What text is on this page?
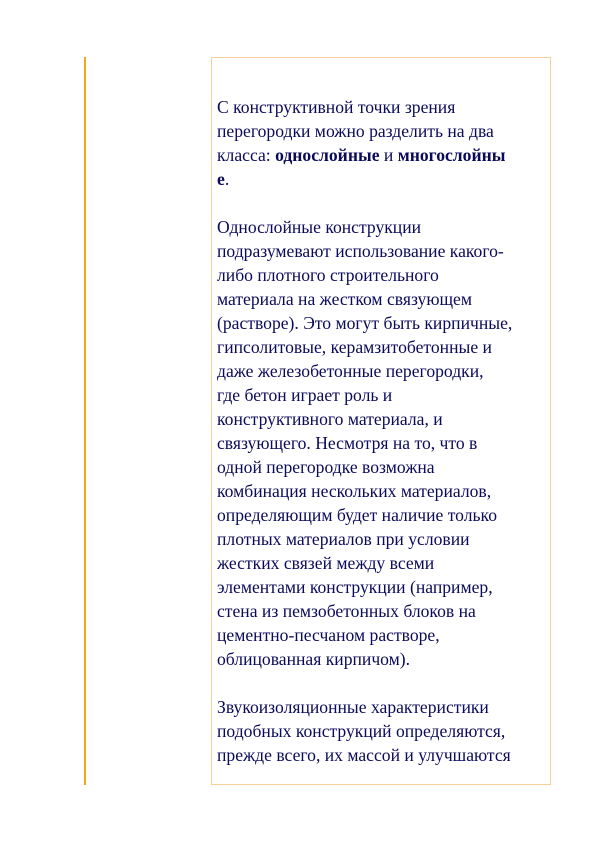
С конструктивной точки зрения
перегородки можно разделить на два
класса: однослойные и многослойны
е.

Однослойные конструкции
подразумевают использование какого-
либо плотного строительного
материала на жестком связующем
(растворе). Это могут быть кирпичные,
гипсолитовые, керамзитобетонные и
даже железобетонные перегородки,
где бетон играет роль и
конструктивного материала, и
связующего. Несмотря на то, что в
одной перегородке возможна
комбинация нескольких материалов,
определяющим будет наличие только
плотных материалов при условии
жестких связей между всеми
элементами конструкции (например,
стена из пемзобетонных блоков на
цементно-песчаном растворе,
облицованная кирпичом).

Звукоизоляционные характеристики
подобных конструкций определяются,
прежде всего, их массой и улучшаются
